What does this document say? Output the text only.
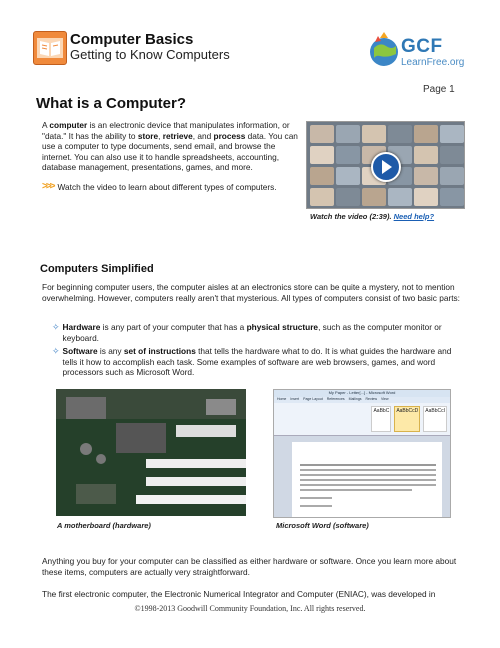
Computer Basics
Getting to Know Computers	GCF
LearnFree.org
Page 1
What is a Computer?
A computer is an electronic device that manipulates information, or "data." It has the ability to store, retrieve, and process data. You can use a computer to type documents, send email, and browse the internet. You can also use it to handle spreadsheets, accounting, database management, presentations, games, and more.
>>> Watch the video to learn about different types of computers.
Watch the video (2:39). Need help?
Computers Simplified
For beginning computer users, the computer aisles at an electronics store can be quite a mystery, not to mention overwhelming. However, computers really aren't that mysterious. All types of computers consist of two basic parts:
✧ Hardware is any part of your computer that has a physical structure, such as the computer monitor or keyboard.
✧ Software is any set of instructions that tells the hardware what to do. It is what guides the hardware and tells it how to accomplish each task. Some examples of software are web browsers, games, and word processors such as Microsoft Word.
My Paper - Letter[...] - Microsoft Word
Home Insert Page Layout References Mailings Review View
AaBbC	AaBbCcD	AaBbCcI
A motherboard (hardware)	Microsoft Word (software)
Anything you buy for your computer can be classified as either hardware or software. Once you learn more about these items, computers are actually very straightforward.
The first electronic computer, the Electronic Numerical Integrator and Computer (ENIAC), was developed in
©1998-2013 Goodwill Community Foundation, Inc. All rights reserved.
